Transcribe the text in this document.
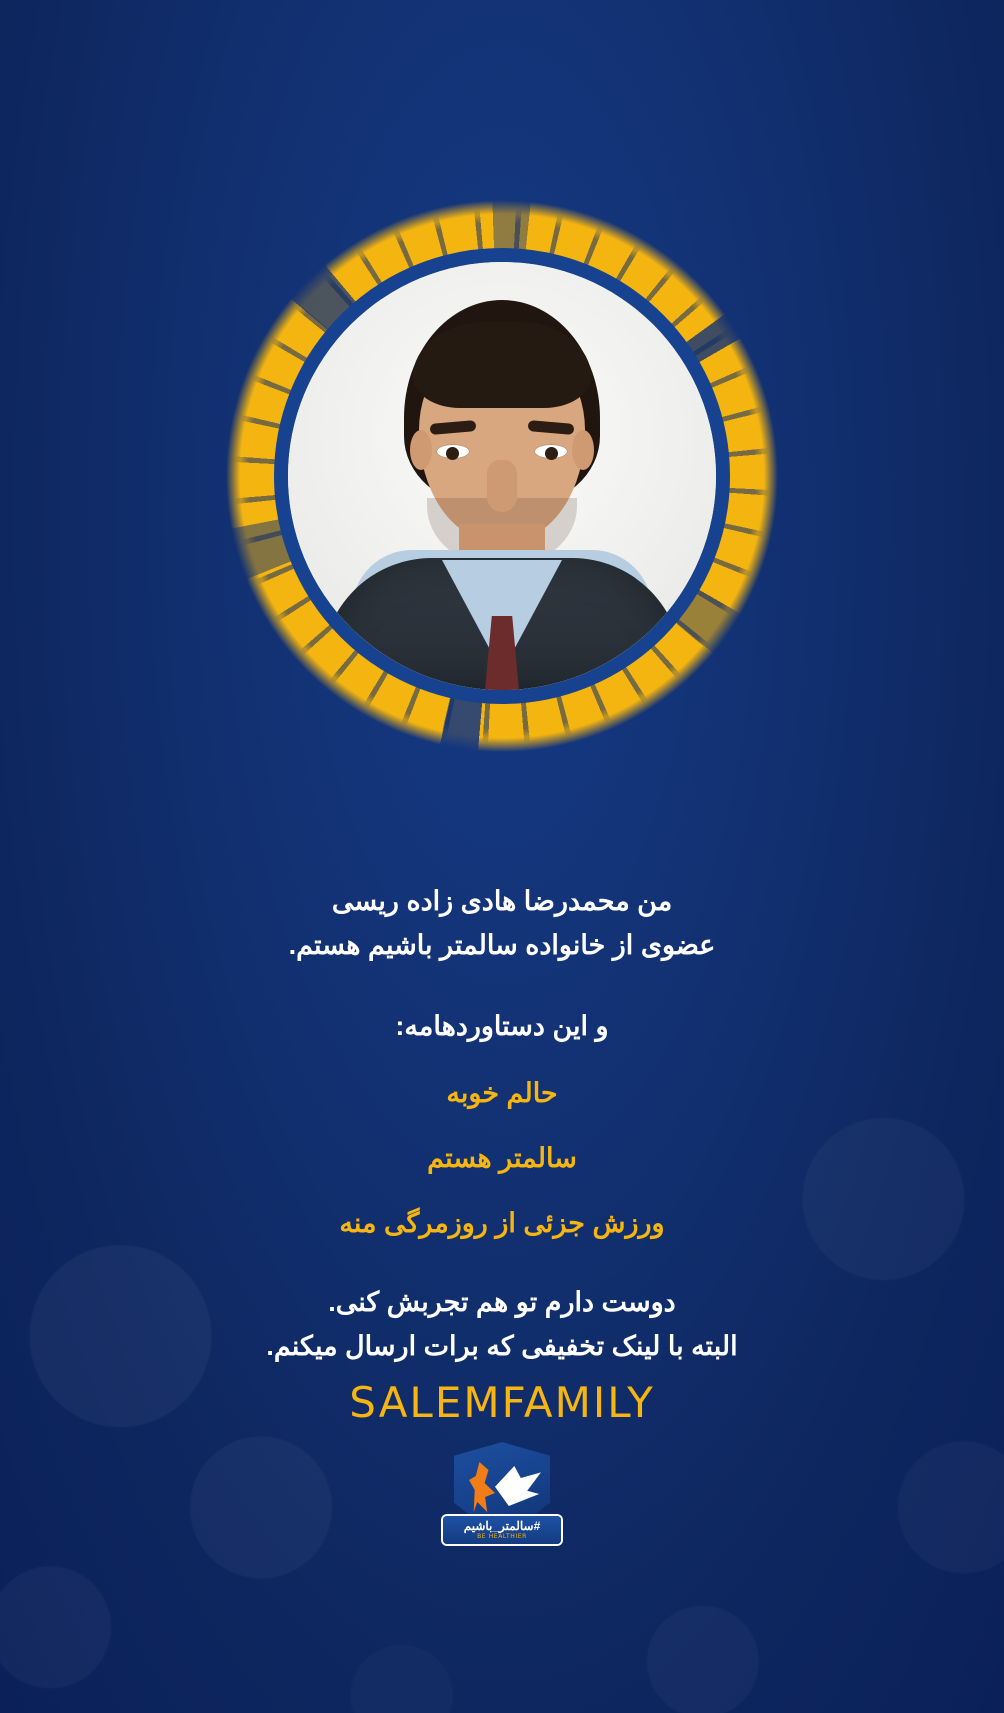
من محمدرضا هادی زاده ریسی
عضوی از خانواده سالمتر باشیم هستم.

و این دستاوردهامه:

حالم خوبه

سالمتر هستم

ورزش جزئی از روزمرگی منه

دوست دارم تو هم تجربش کنی.
البته با لینک تخفیفی که برات ارسال میکنم.

SALEMFAMILY
#سالمتر_باشیم
BE HEALTHIER
